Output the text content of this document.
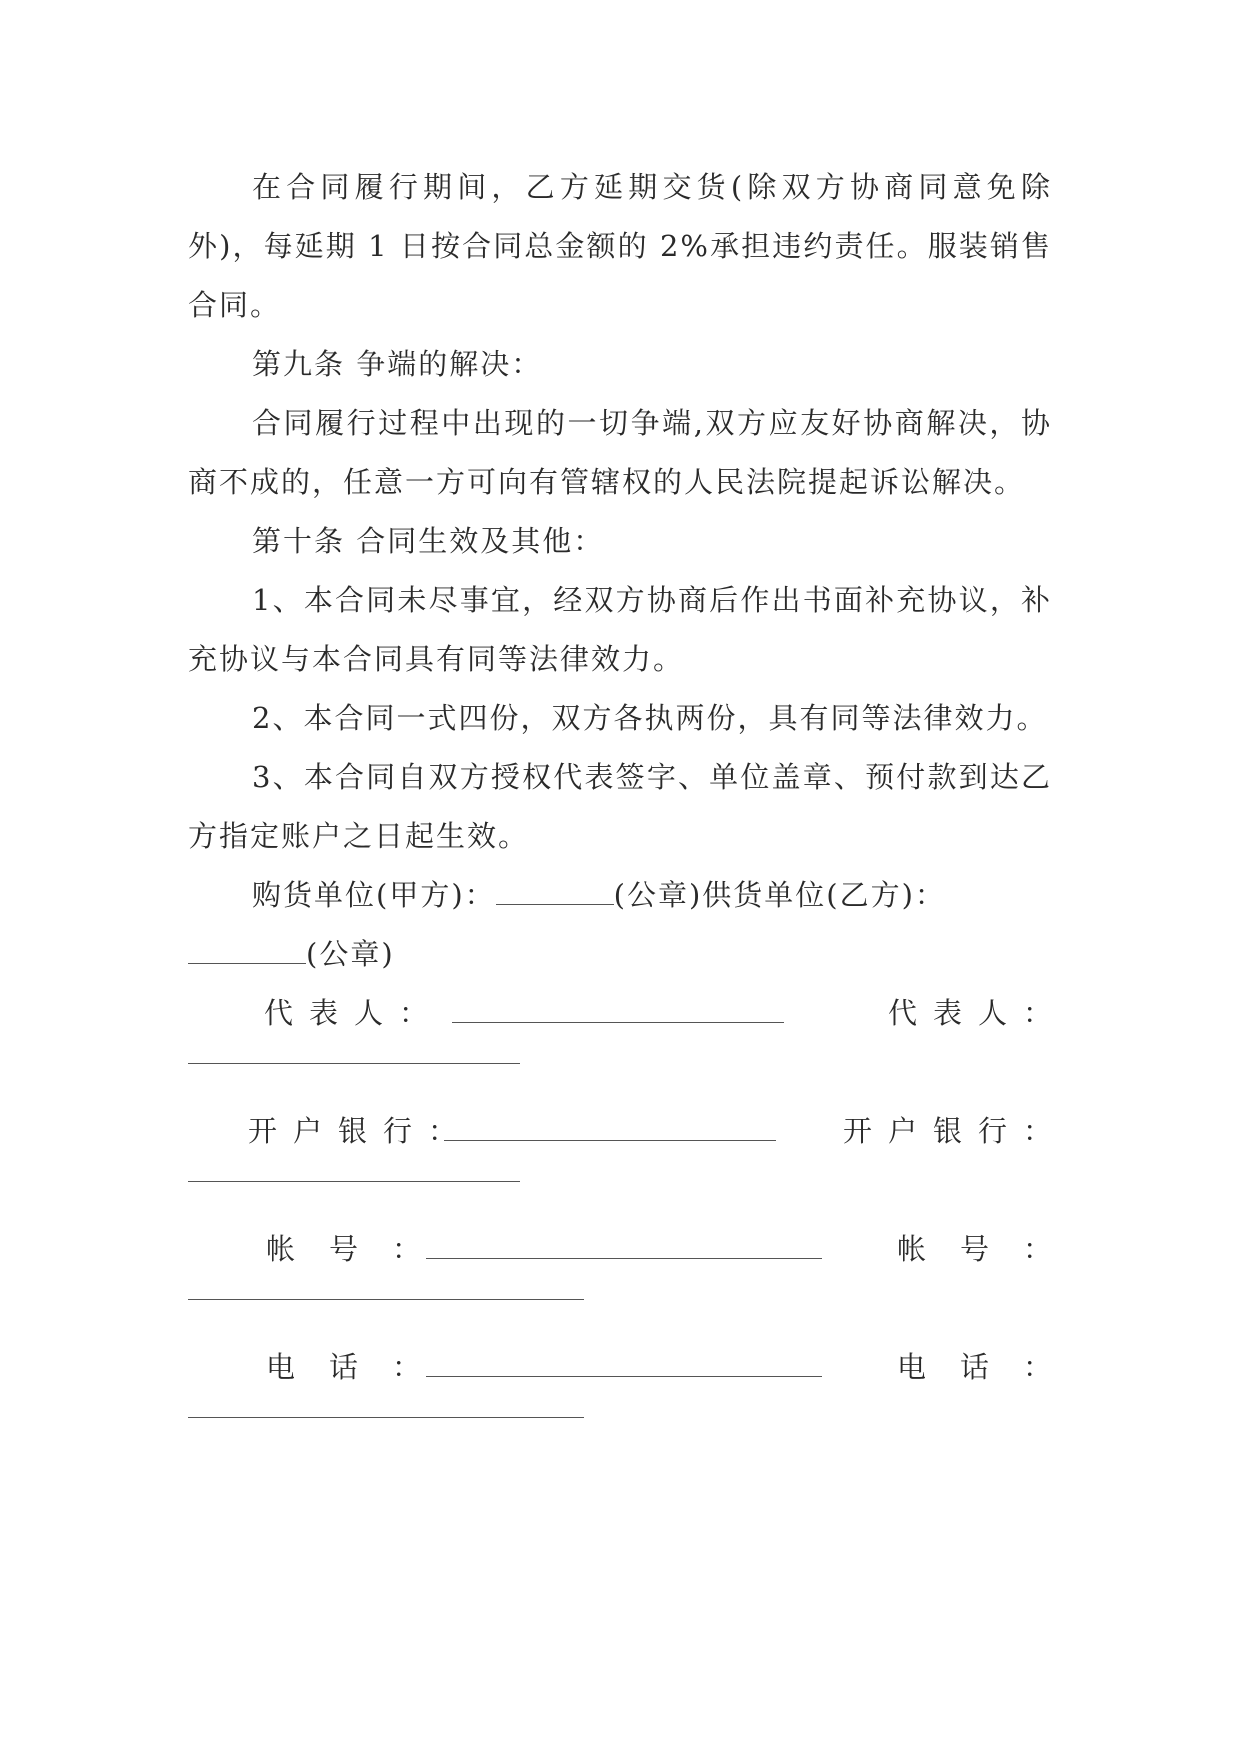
在合同履行期间，乙方延期交货(除双方协商同意免除外)，每延期 1 日按合同总金额的 2%承担违约责任。服装销售合同。

第九条 争端的解决：

合同履行过程中出现的一切争端,双方应友好协商解决，协商不成的，任意一方可向有管辖权的人民法院提起诉讼解决。

第十条 合同生效及其他：

1、本合同未尽事宜，经双方协商后作出书面补充协议，补充协议与本合同具有同等法律效力。

2、本合同一式四份，双方各执两份，具有同等法律效力。

3、本合同自双方授权代表签字、单位盖章、预付款到达乙方指定账户之日起生效。

购货单位(甲方)：	(公章)供货单位(乙方)：(公章)

代表人：	代表人：
开户银行：	开户银行：
帐号：	帐号：
电话：	电话：
